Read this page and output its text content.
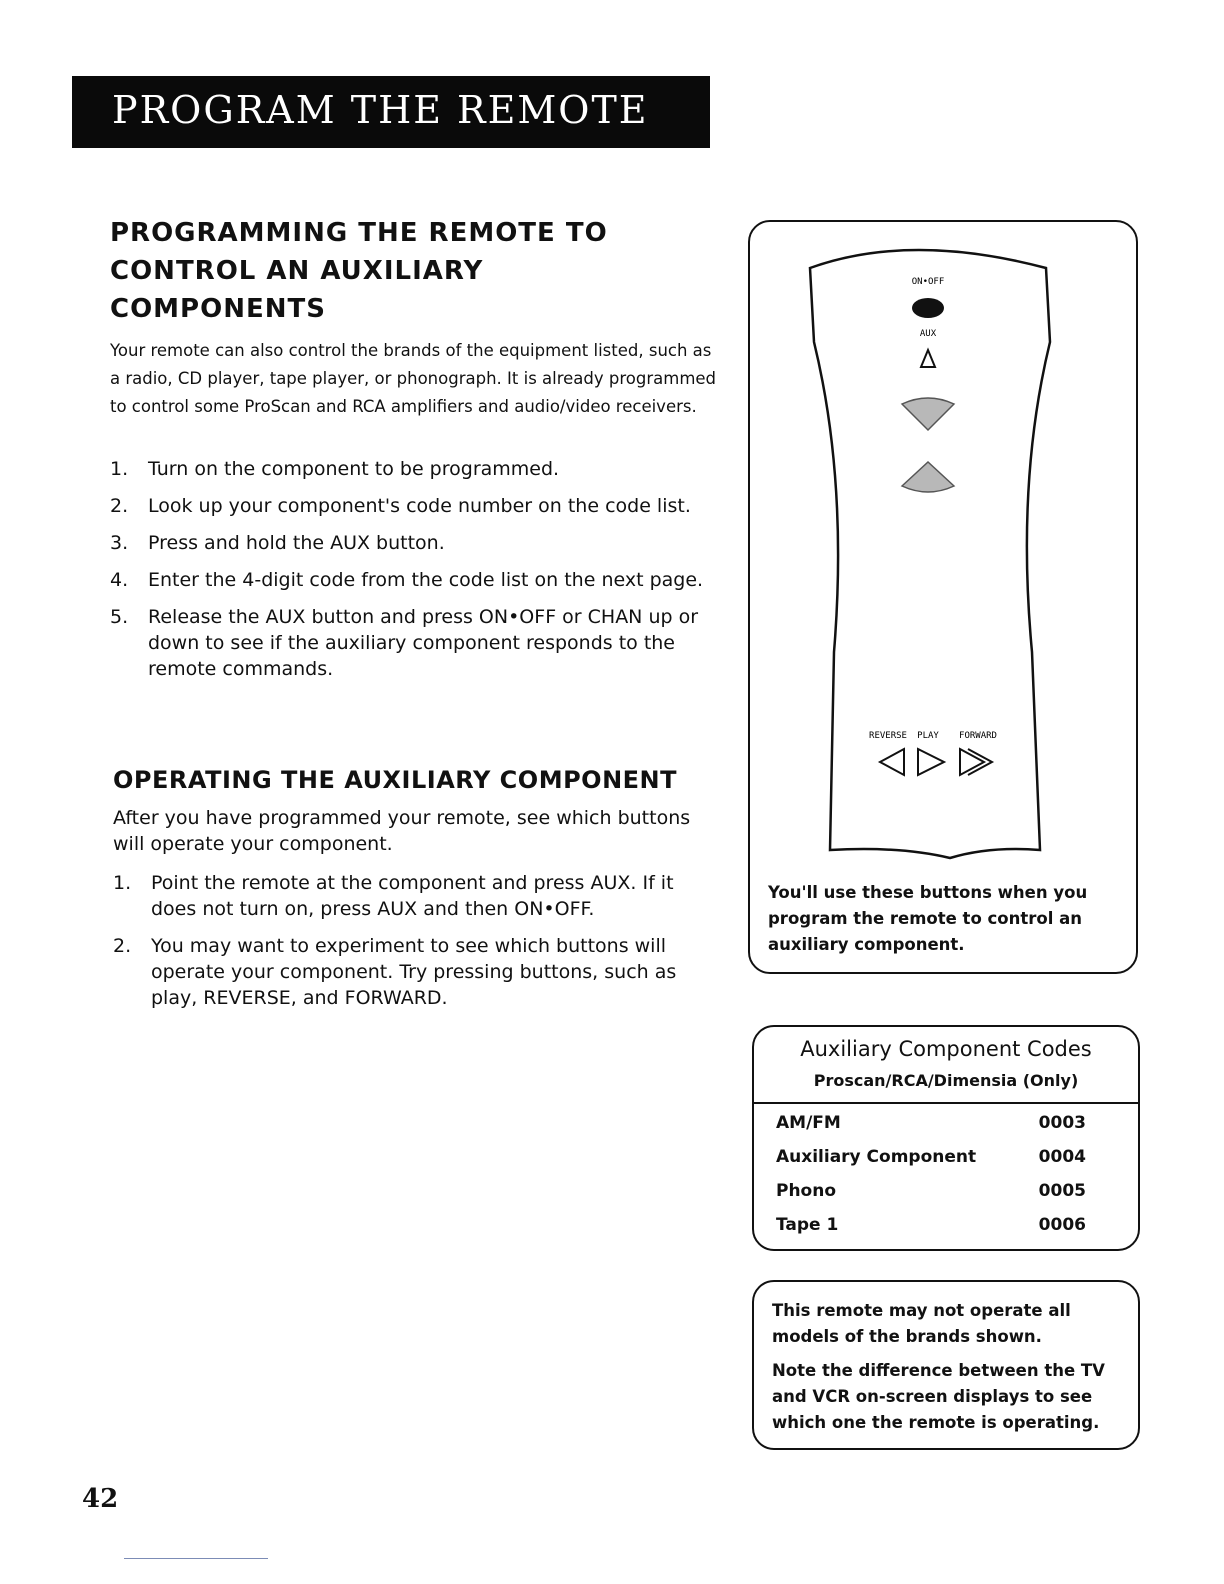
PROGRAM THE REMOTE
PROGRAMMING THE REMOTE TO CONTROL AN AUXILIARY COMPONENTS

Your remote can also control the brands of the equipment listed, such as a radio, CD player, tape player, or phonograph. It is already programmed to control some ProScan and RCA amplifiers and audio/video receivers.

1. Turn on the component to be programmed.
2. Look up your component's code number on the code list.
3. Press and hold the AUX button.
4. Enter the 4-digit code from the code list on the next page.
5. Release the AUX button and press ON•OFF or CHAN up or down to see if the auxiliary component responds to the remote commands.
OPERATING THE AUXILIARY COMPONENT

After you have programmed your remote, see which buttons will operate your component.

1. Point the remote at the component and press AUX. If it does not turn on, press AUX and then ON•OFF.
2. You may want to experiment to see which buttons will operate your component. Try pressing buttons, such as play, REVERSE, and FORWARD.
ON•OFF
AUX
REVERSE PLAY FORWARD

You'll use these buttons when you program the remote to control an auxiliary component.

Auxiliary Component Codes
Proscan/RCA/Dimensia (Only)
AM/FM	0003
Auxiliary Component	0004
Phono	0005
Tape 1	0006

This remote may not operate all models of the brands shown.

Note the difference between the TV and VCR on-screen displays to see which one the remote is operating.

42
